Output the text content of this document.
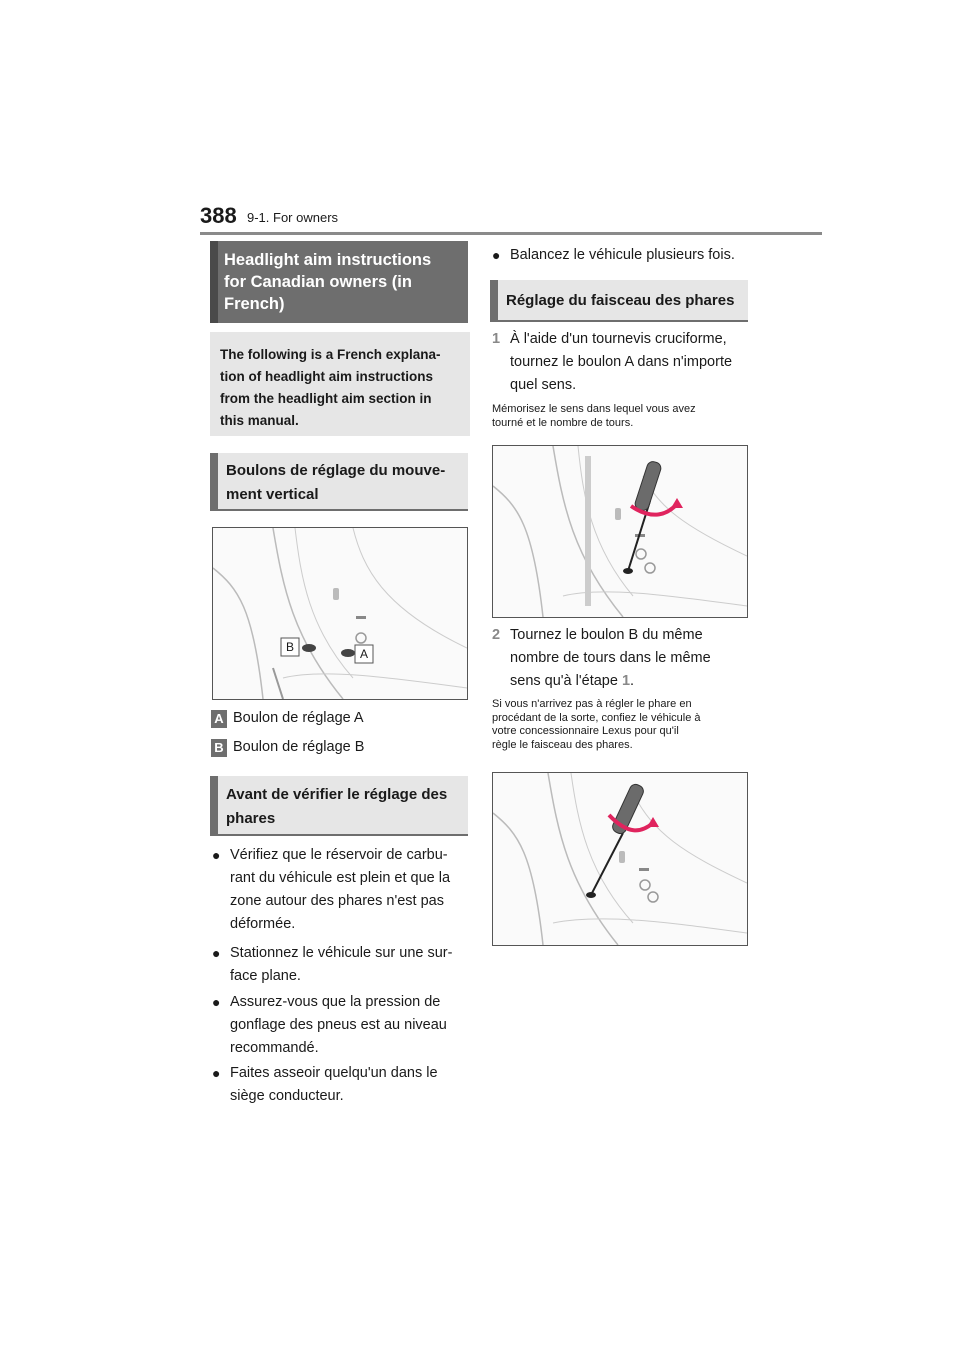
388 9-1. For owners
Headlight aim instructions
for Canadian owners (in
French)
The following is a French explana-
tion of headlight aim instructions
from the headlight aim section in
this manual.
Boulons de réglage du mouve-
ment vertical
B	A
A Boulon de réglage A
B Boulon de réglage B
Avant de vérifier le réglage des
phares
● Vérifiez que le réservoir de carbu-
rant du véhicule est plein et que la
zone autour des phares n'est pas
déformée.
● Stationnez le véhicule sur une sur-
face plane.
● Assurez-vous que la pression de
gonflage des pneus est au niveau
recommandé.
● Faites asseoir quelqu'un dans le
siège conducteur.
● Balancez le véhicule plusieurs fois.
Réglage du faisceau des phares
1 À l'aide d'un tournevis cruciforme,
tournez le boulon A dans n'importe
quel sens.
Mémorisez le sens dans lequel vous avez
tourné et le nombre de tours.
2 Tournez le boulon B du même
nombre de tours dans le même
sens qu'à l'étape 1.
Si vous n'arrivez pas à régler le phare en
procédant de la sorte, confiez le véhicule à
votre concessionnaire Lexus pour qu'il
règle le faisceau des phares.
